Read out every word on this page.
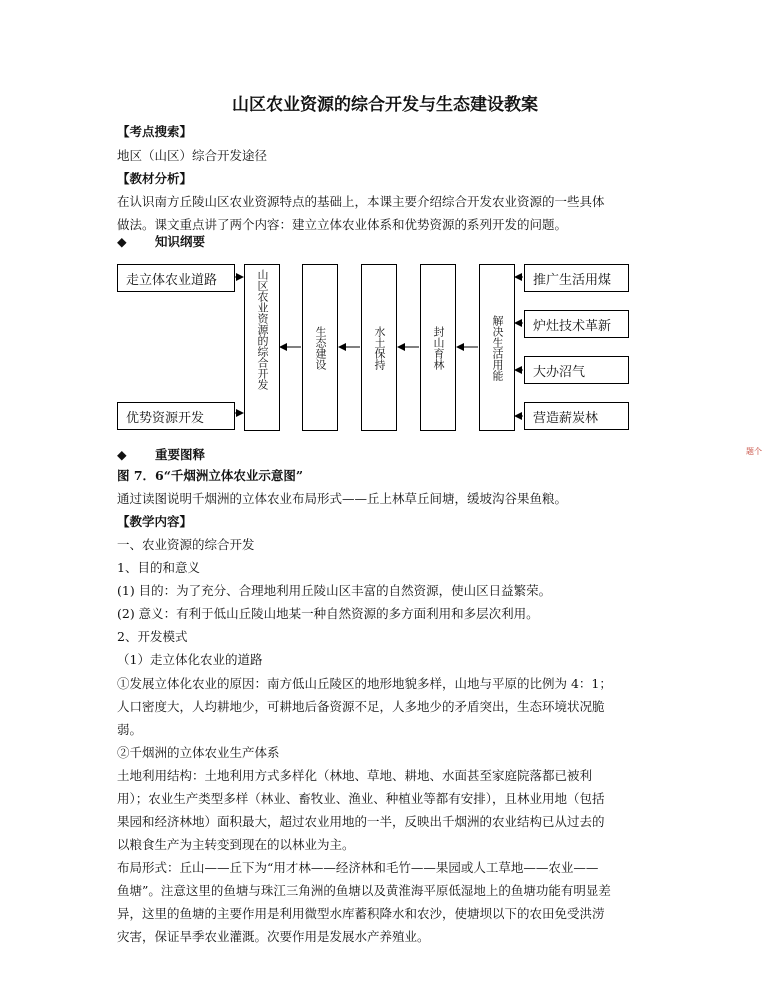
山区农业资源的综合开发与生态建设教案
【考点搜索】
地区（山区）综合开发途径
【教材分析】
在认识南方丘陵山区农业资源特点的基础上，本课主要介绍综合开发农业资源的一些具体
做法。课文重点讲了两个内容：建立立体农业体系和优势资源的系列开发的问题。
◆ 知识纲要
走立体农业道路
优势资源开发
山区农业资源的综合开发	生态建设	水土保持	封山育林	解决生活用能
推广生活用煤
炉灶技术革新
大办沼气
营造薪炭林
题个
◆ 重要图释
图 7．6“千烟洲立体农业示意图”
通过读图说明千烟洲的立体农业布局形式——丘上林草丘间塘，缓坡沟谷果鱼粮。
【教学内容】
一、农业资源的综合开发
1、目的和意义
(1) 目的：为了充分、合理地利用丘陵山区丰富的自然资源，使山区日益繁荣。
(2) 意义：有利于低山丘陵山地某一种自然资源的多方面利用和多层次利用。
2、开发模式
（1）走立体化农业的道路
①发展立体化农业的原因：南方低山丘陵区的地形地貌多样，山地与平原的比例为 4：1；
人口密度大，人均耕地少，可耕地后备资源不足，人多地少的矛盾突出，生态环境状况脆
弱。
②千烟洲的立体农业生产体系
土地利用结构：土地利用方式多样化（林地、草地、耕地、水面甚至家庭院落都已被利
用）；农业生产类型多样（林业、畜牧业、渔业、种植业等都有安排），且林业用地（包括
果园和经济林地）面积最大，超过农业用地的一半，反映出千烟洲的农业结构已从过去的
以粮食生产为主转变到现在的以林业为主。
布局形式：丘山——丘下为“用才林——经济林和毛竹——果园或人工草地——农业——
鱼塘”。注意这里的鱼塘与珠江三角洲的鱼塘以及黄淮海平原低湿地上的鱼塘功能有明显差
异，这里的鱼塘的主要作用是利用微型水库蓄积降水和农沙，使塘坝以下的农田免受洪涝
灾害，保证旱季农业灌溉。次要作用是发展水产养殖业。
